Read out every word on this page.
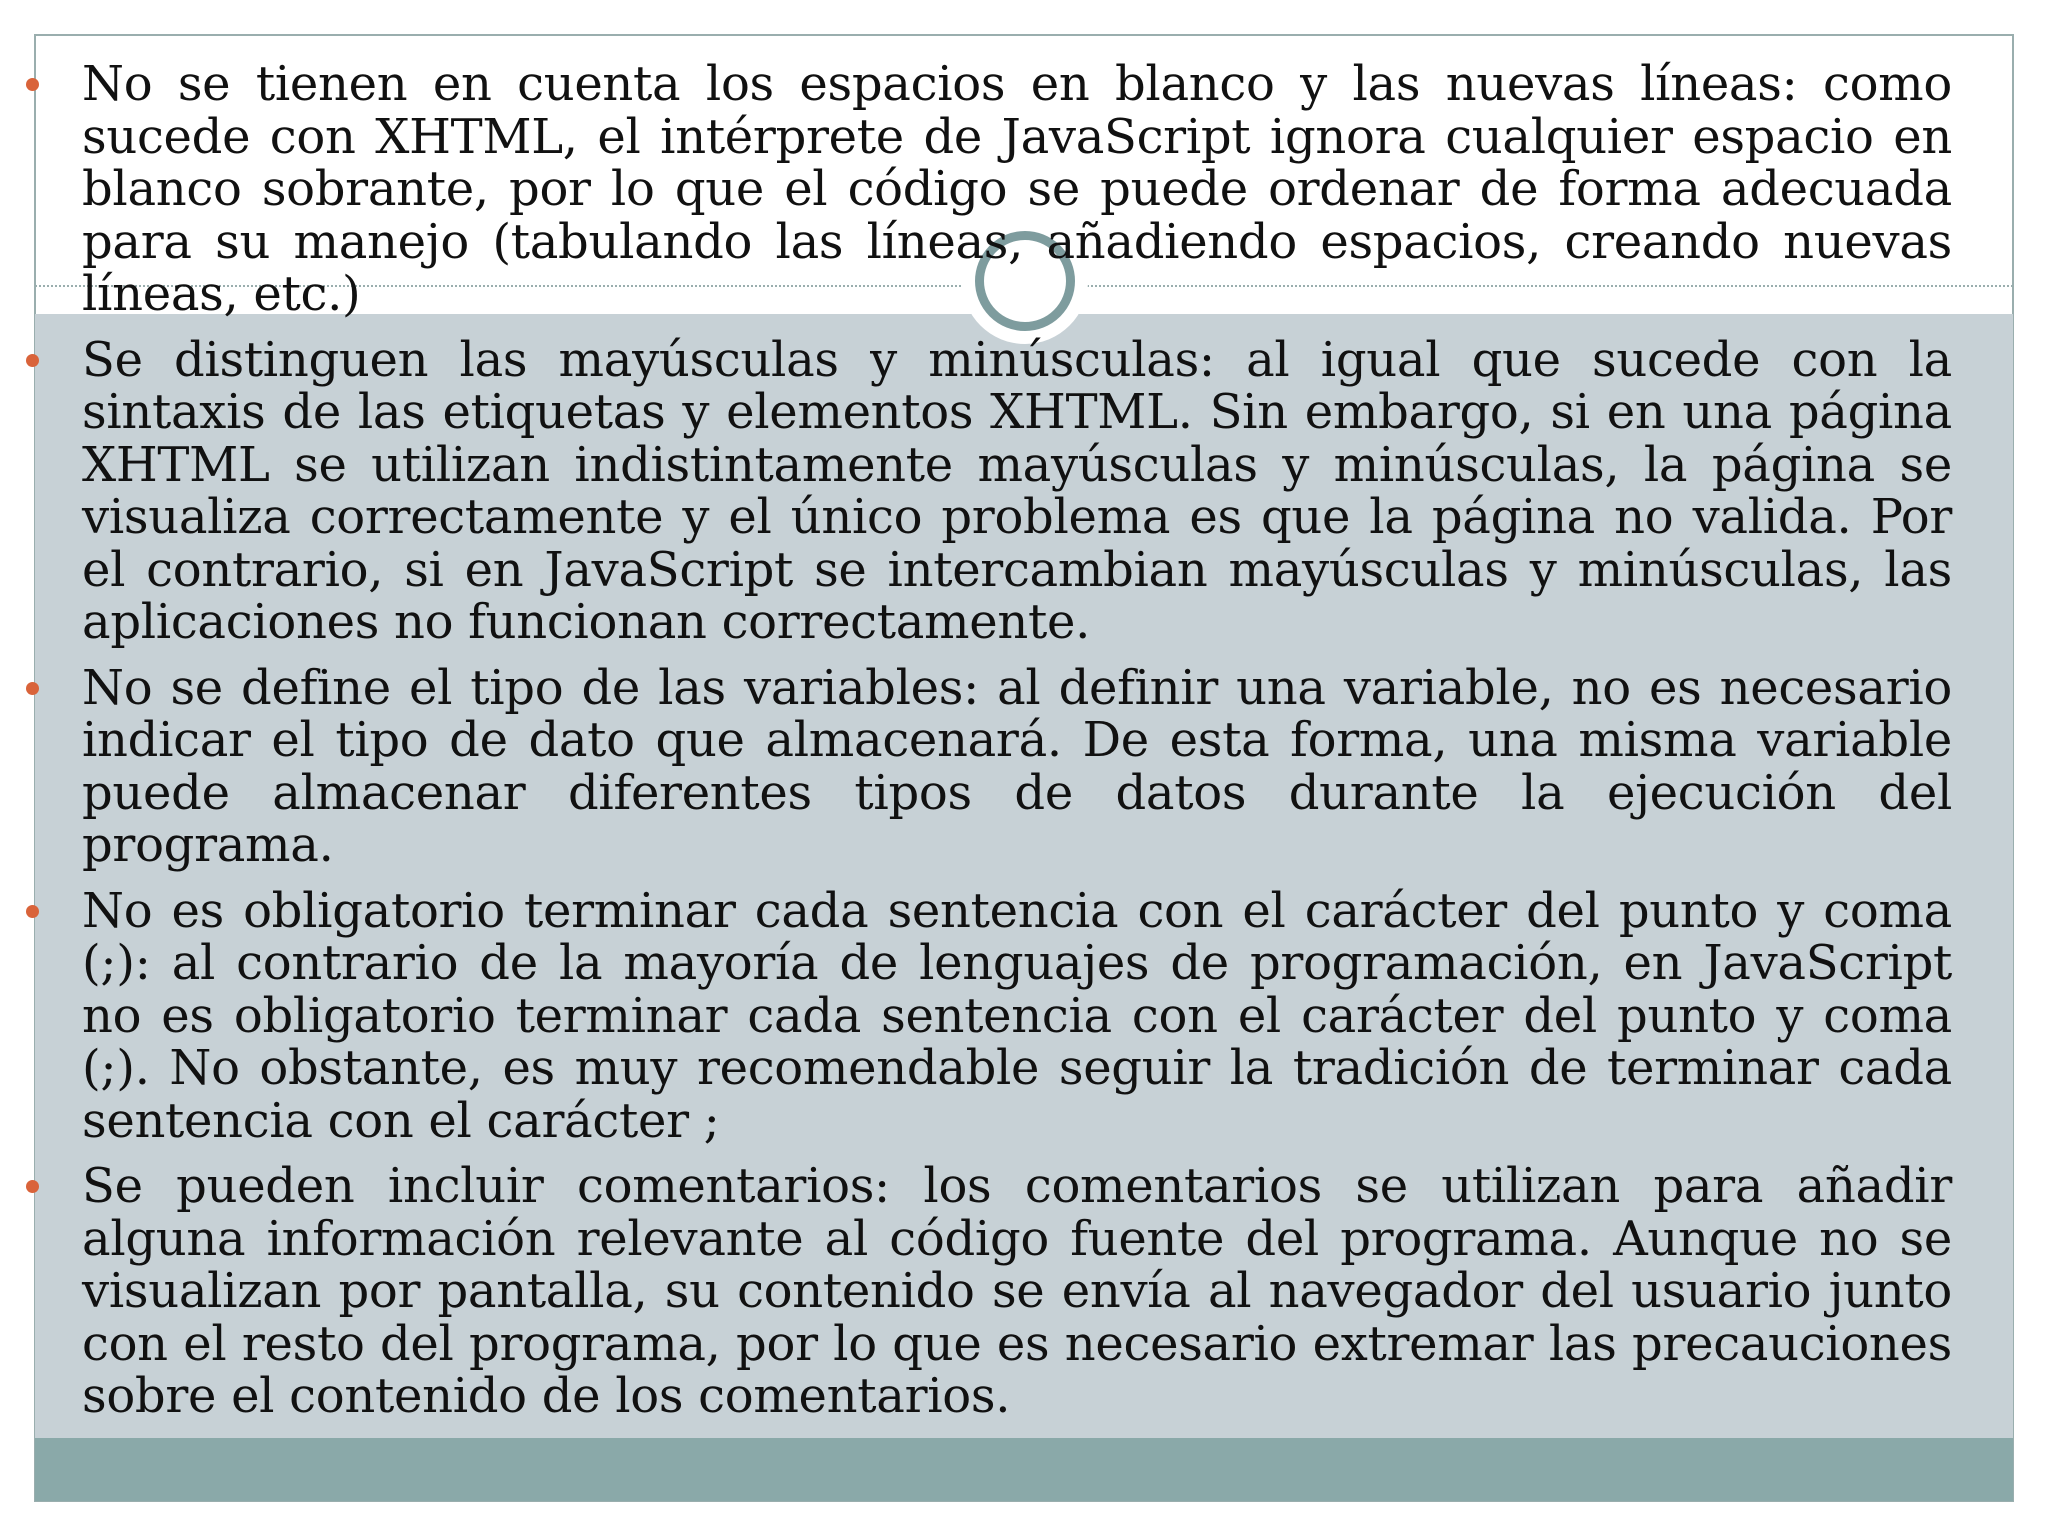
No se tienen en cuenta los espacios en blanco y las nuevas líneas: como sucede con XHTML, el intérprete de JavaScript ignora cualquier espacio en blanco sobrante, por lo que el código se puede ordenar de forma adecuada para su manejo (tabulando las líneas, añadiendo espacios, creando nuevas líneas, etc.)
Se distinguen las mayúsculas y minúsculas: al igual que sucede con la sintaxis de las etiquetas y elementos XHTML. Sin embargo, si en una página XHTML se utilizan indistintamente mayúsculas y minúsculas, la página se visualiza correctamente y el único problema es que la página no valida. Por el contrario, si en JavaScript se intercambian mayúsculas y minúsculas, las aplicaciones no funcionan correctamente.
No se define el tipo de las variables: al definir una variable, no es necesario indicar el tipo de dato que almacenará. De esta forma, una misma variable puede almacenar diferentes tipos de datos durante la ejecución del programa.
No es obligatorio terminar cada sentencia con el carácter del punto y coma (;): al contrario de la mayoría de lenguajes de programación, en JavaScript no es obligatorio terminar cada sentencia con el carácter del punto y coma (;). No obstante, es muy recomendable seguir la tradición de terminar cada sentencia con el carácter ;
Se pueden incluir comentarios: los comentarios se utilizan para añadir alguna información relevante al código fuente del programa. Aunque no se visualizan por pantalla, su contenido se envía al navegador del usuario junto con el resto del programa, por lo que es necesario extremar las precauciones sobre el contenido de los comentarios.
